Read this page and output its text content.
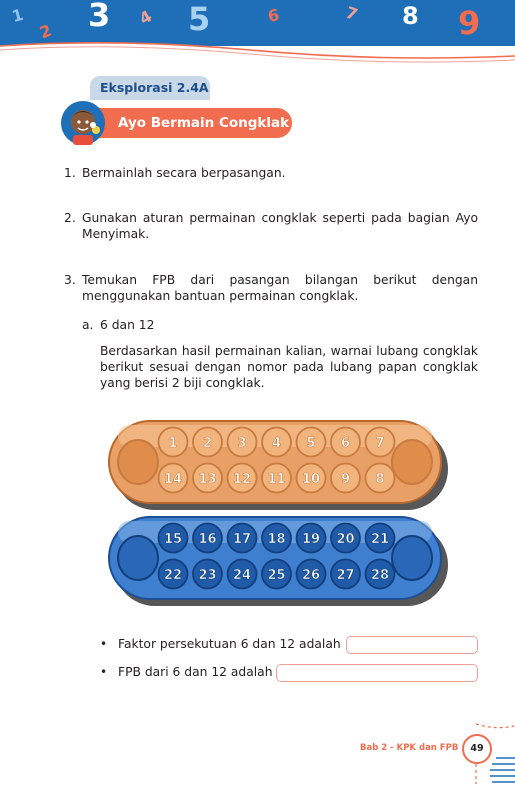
1
2 3 4 5	6	7 8 9
Eksplorasi 2.4A
Ayo Bermain Congklak
1. Bermainlah secara berpasangan.
2. Gunakan aturan permainan congklak seperti pada bagian Ayo Menyimak.
3. Temukan FPB dari pasangan bilangan berikut dengan menggunakan bantuan permainan congklak.
a. 6 dan 12
Berdasarkan hasil permainan kalian, warnai lubang congklak berikut sesuai dengan nomor pada lubang papan congklak yang berisi 2 biji congklak.
1 2 3 4 5 6 7
14 13 12 11 10 9 8
15 16 17 18 19 20 21
22 23 24 25 26 27 28
• Faktor persekutuan 6 dan 12 adalah
• FPB dari 6 dan 12 adalah
Bab 2 - KPK dan FPB	49
